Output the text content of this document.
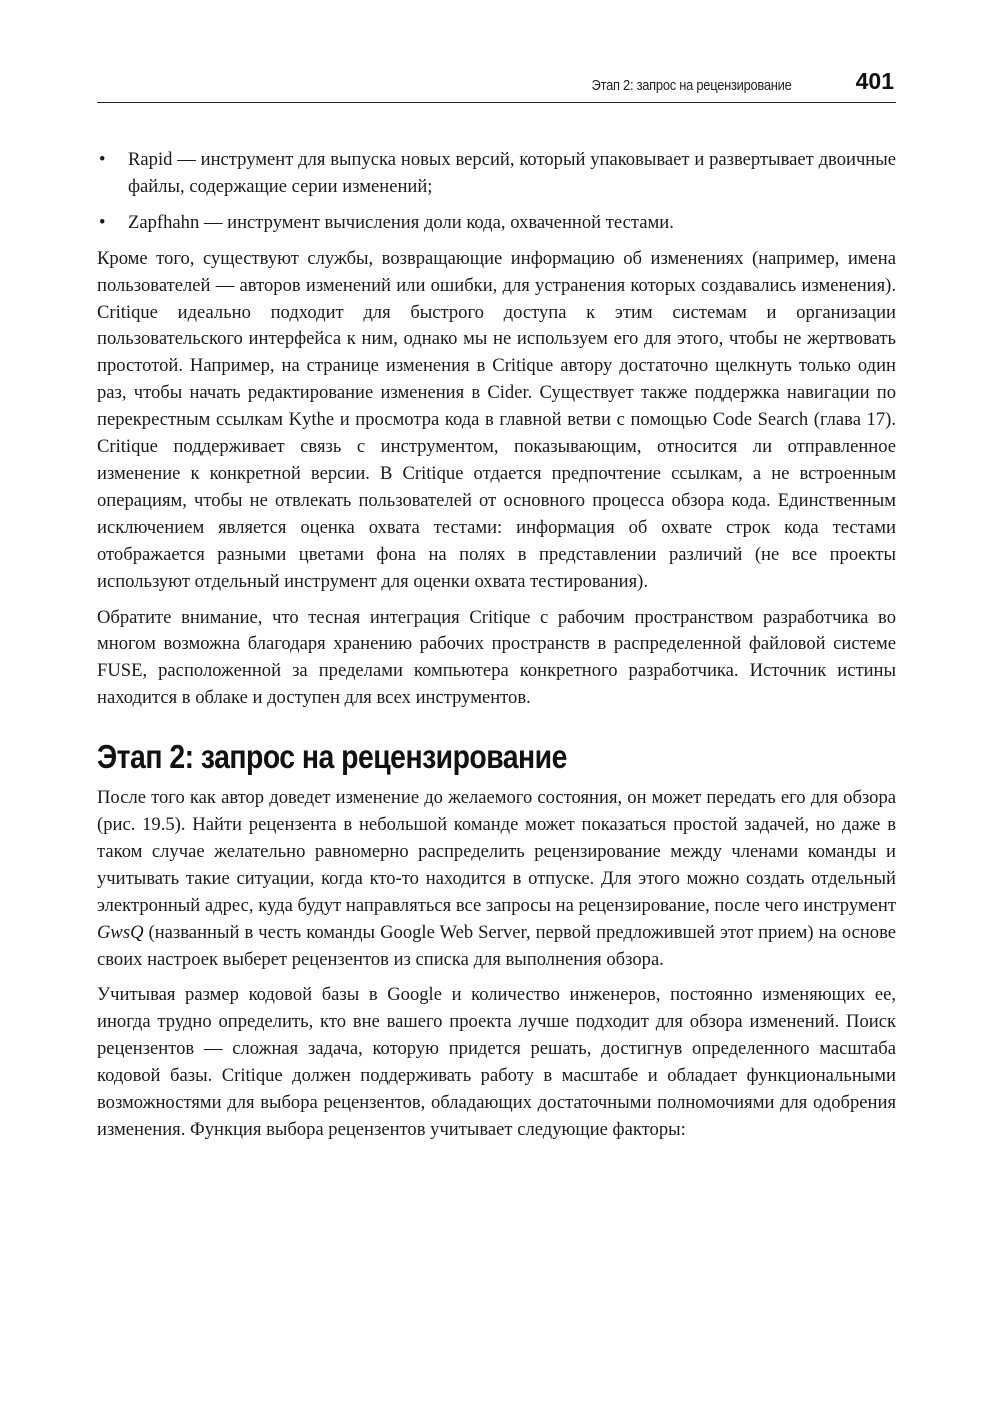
Этап 2: запрос на рецензирование	401
• Rapid — инструмент для выпуска новых версий, который упаковывает и развертывает двоичные файлы, содержащие серии изменений;
• Zapfhahn — инструмент вычисления доли кода, охваченной тестами.

Кроме того, существуют службы, возвращающие информацию об изменениях (например, имена пользователей — авторов изменений или ошибки, для устранения которых создавались изменения). Critique идеально подходит для быстрого доступа к этим системам и организации пользовательского интерфейса к ним, однако мы не используем его для этого, чтобы не жертвовать простотой. Например, на странице изменения в Critique автору достаточно щелкнуть только один раз, чтобы начать редактирование изменения в Cider. Существует также поддержка навигации по перекрестным ссылкам Kythe и просмотра кода в главной ветви с помощью Code Search (глава 17). Critique поддерживает связь с инструментом, показывающим, относится ли отправленное изменение к конкретной версии. В Critique отдается предпочтение ссылкам, а не встроенным операциям, чтобы не отвлекать пользователей от основного процесса обзора кода. Единственным исключением является оценка охвата тестами: информация об охвате строк кода тестами отображается разными цветами фона на полях в представлении различий (не все проекты используют отдельный инструмент для оценки охвата тестирования).

Обратите внимание, что тесная интеграция Critique с рабочим пространством разработчика во многом возможна благодаря хранению рабочих пространств в распределенной файловой системе FUSE, расположенной за пределами компьютера конкретного разработчика. Источник истины находится в облаке и доступен для всех инструментов.

Этап 2: запрос на рецензирование

После того как автор доведет изменение до желаемого состояния, он может передать его для обзора (рис. 19.5). Найти рецензента в небольшой команде может показаться простой задачей, но даже в таком случае желательно равномерно распределить рецензирование между членами команды и учитывать такие ситуации, когда кто-то находится в отпуске. Для этого можно создать отдельный электронный адрес, куда будут направляться все запросы на рецензирование, после чего инструмент GwsQ (названный в честь команды Google Web Server, первой предложившей этот прием) на основе своих настроек выберет рецензентов из списка для выполнения обзора.

Учитывая размер кодовой базы в Google и количество инженеров, постоянно изменяющих ее, иногда трудно определить, кто вне вашего проекта лучше подходит для обзора изменений. Поиск рецензентов — сложная задача, которую придется решать, достигнув определенного масштаба кодовой базы. Critique должен поддерживать работу в масштабе и обладает функциональными возможностями для выбора рецензентов, обладающих достаточными полномочиями для одобрения изменения. Функция выбора рецензентов учитывает следующие факторы:
